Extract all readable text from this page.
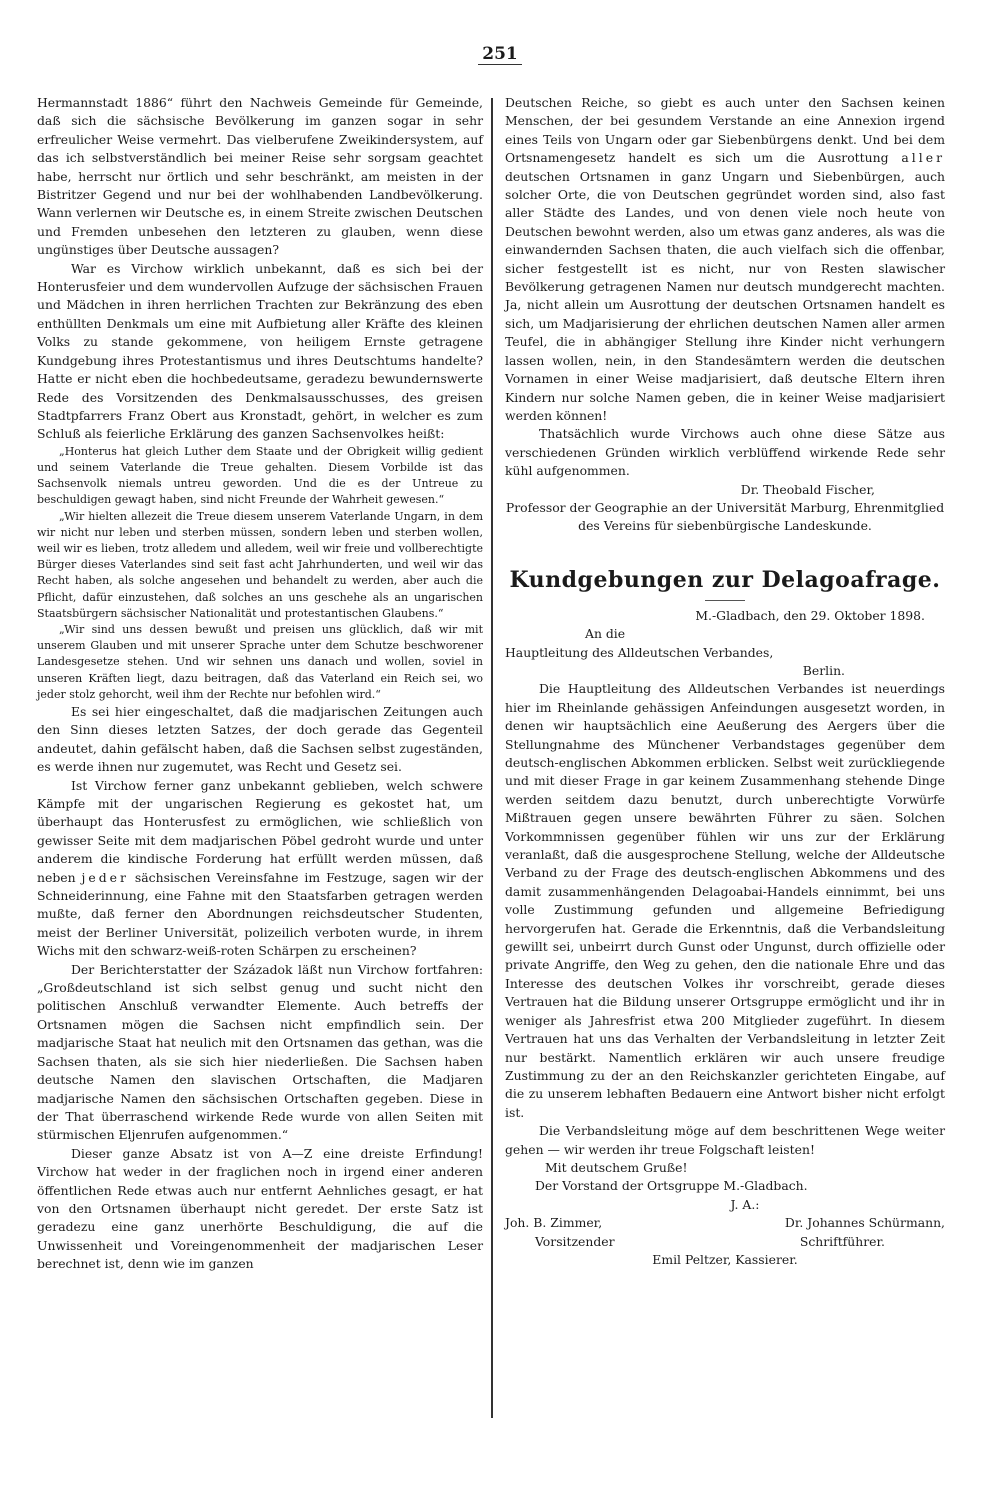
251

Hermannstadt 1886“ führt den Nachweis Gemeinde für Gemeinde, daß sich die sächsische Bevölkerung im ganzen sogar in sehr erfreulicher Weise vermehrt. Das vielberufene Zweikindersystem, auf das ich selbstverständlich bei meiner Reise sehr sorgsam geachtet habe, herrscht nur örtlich und sehr beschränkt, am meisten in der Bistritzer Gegend und nur bei der wohlhabenden Landbevölkerung. Wann verlernen wir Deutsche es, in einem Streite zwischen Deutschen und Fremden unbesehen den letzteren zu glauben, wenn diese ungünstiges über Deutsche aussagen?

War es Virchow wirklich unbekannt, daß es sich bei der Honterusfeier und dem wundervollen Aufzuge der sächsischen Frauen und Mädchen in ihren herrlichen Trachten zur Bekränzung des eben enthüllten Denkmals um eine mit Aufbietung aller Kräfte des kleinen Volks zu stande gekommene, von heiligem Ernste getragene Kundgebung ihres Protestantismus und ihres Deutschtums handelte? Hatte er nicht eben die hochbedeutsame, geradezu bewundernswerte Rede des Vorsitzenden des Denkmalsausschusses, des greisen Stadtpfarrers Franz Obert aus Kronstadt, gehört, in welcher es zum Schluß als feierliche Erklärung des ganzen Sachsenvolkes heißt:

„Honterus hat gleich Luther dem Staate und der Obrigkeit willig gedient und seinem Vaterlande die Treue gehalten. Diesem Vorbilde ist das Sachsenvolk niemals untreu geworden. Und die es der Untreue zu beschuldigen gewagt haben, sind nicht Freunde der Wahrheit gewesen.“

„Wir hielten allezeit die Treue diesem unserem Vaterlande Ungarn, in dem wir nicht nur leben und sterben müssen, sondern leben und sterben wollen, weil wir es lieben, trotz alledem und alledem, weil wir freie und vollberechtigte Bürger dieses Vaterlandes sind seit fast acht Jahrhunderten, und weil wir das Recht haben, als solche angesehen und behandelt zu werden, aber auch die Pflicht, dafür einzustehen, daß solches an uns geschehe als an ungarischen Staatsbürgern sächsischer Nationalität und protestantischen Glaubens.“

„Wir sind uns dessen bewußt und preisen uns glücklich, daß wir mit unserem Glauben und mit unserer Sprache unter dem Schutze beschworener Landesgesetze stehen. Und wir sehnen uns danach und wollen, soviel in unseren Kräften liegt, dazu beitragen, daß das Vaterland ein Reich sei, wo jeder stolz gehorcht, weil ihm der Rechte nur befohlen wird.“

Es sei hier eingeschaltet, daß die madjarischen Zeitungen auch den Sinn dieses letzten Satzes, der doch gerade das Gegenteil andeutet, dahin gefälscht haben, daß die Sachsen selbst zugeständen, es werde ihnen nur zugemutet, was Recht und Gesetz sei.

Ist Virchow ferner ganz unbekannt geblieben, welch schwere Kämpfe mit der ungarischen Regierung es gekostet hat, um überhaupt das Honterusfest zu ermöglichen, wie schließlich von gewisser Seite mit dem madjarischen Pöbel gedroht wurde und unter anderem die kindische Forderung hat erfüllt werden müssen, daß neben jeder sächsischen Vereinsfahne im Festzuge, sagen wir der Schneiderinnung, eine Fahne mit den Staatsfarben getragen werden mußte, daß ferner den Abordnungen reichsdeutscher Studenten, meist der Berliner Universität, polizeilich verboten wurde, in ihrem Wichs mit den schwarz-weiß-roten Schärpen zu erscheinen?

Der Berichterstatter der Századok läßt nun Virchow fortfahren: „Großdeutschland ist sich selbst genug und sucht nicht den politischen Anschluß verwandter Elemente. Auch betreffs der Ortsnamen mögen die Sachsen nicht empfindlich sein. Der madjarische Staat hat neulich mit den Ortsnamen das gethan, was die Sachsen thaten, als sie sich hier niederließen. Die Sachsen haben deutsche Namen den slavischen Ortschaften, die Madjaren madjarische Namen den sächsischen Ortschaften gegeben. Diese in der That überraschend wirkende Rede wurde von allen Seiten mit stürmischen Eljenrufen aufgenommen.“

Dieser ganze Absatz ist von A—Z eine dreiste Erfindung! Virchow hat weder in der fraglichen noch in irgend einer anderen öffentlichen Rede etwas auch nur entfernt Aehnliches gesagt, er hat von den Ortsnamen überhaupt nicht geredet. Der erste Satz ist geradezu eine ganz unerhörte Beschuldigung, die auf die Unwissenheit und Voreingenommenheit der madjarischen Leser berechnet ist, denn wie im ganzen

Deutschen Reiche, so giebt es auch unter den Sachsen keinen Menschen, der bei gesundem Verstande an eine Annexion irgend eines Teils von Ungarn oder gar Siebenbürgens denkt. Und bei dem Ortsnamengesetz handelt es sich um die Ausrottung aller deutschen Ortsnamen in ganz Ungarn und Siebenbürgen, auch solcher Orte, die von Deutschen gegründet worden sind, also fast aller Städte des Landes, und von denen viele noch heute von Deutschen bewohnt werden, also um etwas ganz anderes, als was die einwandernden Sachsen thaten, die auch vielfach sich die offenbar, sicher festgestellt ist es nicht, nur von Resten slawischer Bevölkerung getragenen Namen nur deutsch mundgerecht machten. Ja, nicht allein um Ausrottung der deutschen Ortsnamen handelt es sich, um Madjarisierung der ehrlichen deutschen Namen aller armen Teufel, die in abhängiger Stellung ihre Kinder nicht verhungern lassen wollen, nein, in den Standesämtern werden die deutschen Vornamen in einer Weise madjarisiert, daß deutsche Eltern ihren Kindern nur solche Namen geben, die in keiner Weise madjarisiert werden können!

Thatsächlich wurde Virchows auch ohne diese Sätze aus verschiedenen Gründen wirklich verblüffend wirkende Rede sehr kühl aufgenommen.

Dr. Theobald Fischer,

Professor der Geographie an der Universität Marburg, Ehrenmitglied des Vereins für siebenbürgische Landeskunde.

Kundgebungen zur Delagoafrage.

M.-Gladbach, den 29. Oktober 1898.

An die

Hauptleitung des Alldeutschen Verbandes,

Berlin.

Die Hauptleitung des Alldeutschen Verbandes ist neuerdings hier im Rheinlande gehässigen Anfeindungen ausgesetzt worden, in denen wir hauptsächlich eine Aeußerung des Aergers über die Stellungnahme des Münchener Verbandstages gegenüber dem deutsch-englischen Abkommen erblicken. Selbst weit zurückliegende und mit dieser Frage in gar keinem Zusammenhang stehende Dinge werden seitdem dazu benutzt, durch unberechtigte Vorwürfe Mißtrauen gegen unsere bewährten Führer zu säen. Solchen Vorkommnissen gegenüber fühlen wir uns zur der Erklärung veranlaßt, daß die ausgesprochene Stellung, welche der Alldeutsche Verband zu der Frage des deutsch-englischen Abkommens und des damit zusammenhängenden Delagoabai-Handels einnimmt, bei uns volle Zustimmung gefunden und allgemeine Befriedigung hervorgerufen hat. Gerade die Erkenntnis, daß die Verbandsleitung gewillt sei, unbeirrt durch Gunst oder Ungunst, durch offizielle oder private Angriffe, den Weg zu gehen, den die nationale Ehre und das Interesse des deutschen Volkes ihr vorschreibt, gerade dieses Vertrauen hat die Bildung unserer Ortsgruppe ermöglicht und ihr in weniger als Jahresfrist etwa 200 Mitglieder zugeführt. In diesem Vertrauen hat uns das Verhalten der Verbandsleitung in letzter Zeit nur bestärkt. Namentlich erklären wir auch unsere freudige Zustimmung zu der an den Reichskanzler gerichteten Eingabe, auf die zu unserem lebhaften Bedauern eine Antwort bisher nicht erfolgt ist.

Die Verbandsleitung möge auf dem beschrittenen Wege weiter gehen — wir werden ihr treue Folgschaft leisten!

Mit deutschem Gruße!

Der Vorstand der Ortsgruppe M.-Gladbach.

J. A.:

Joh. B. Zimmer,
Vorsitzender
Dr. Johannes Schürmann,
Schriftführer.

Emil Peltzer, Kassierer.
